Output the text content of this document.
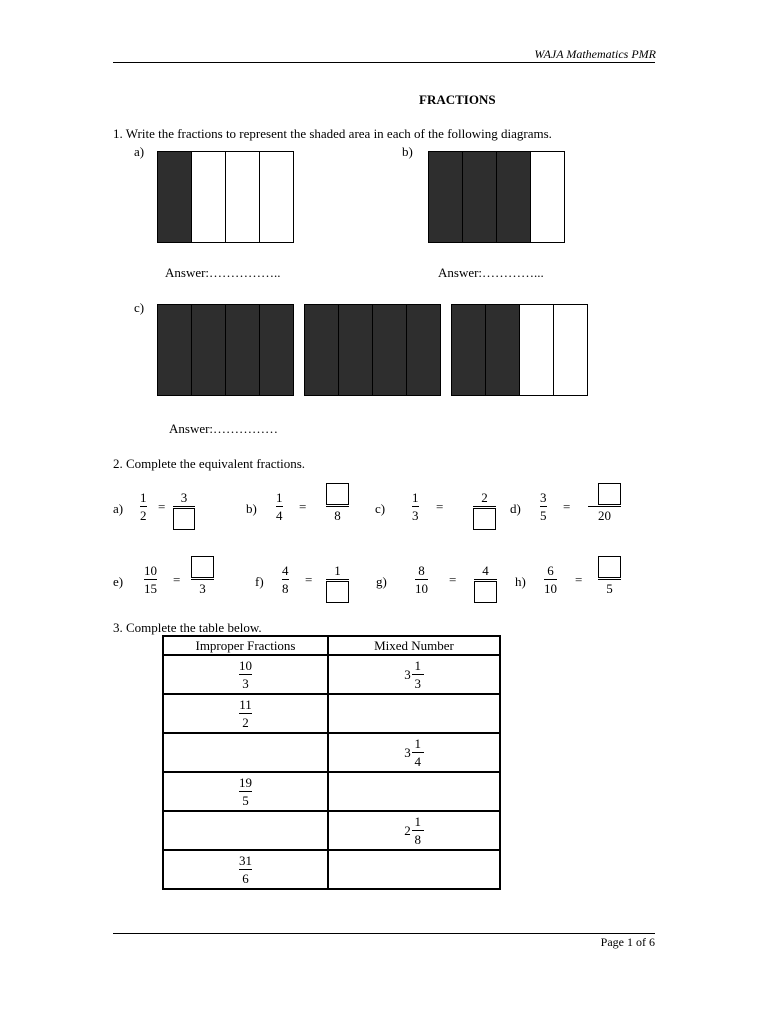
WAJA Mathematics PMR
FRACTIONS
1. Write the fractions to represent the shaded area in each of the following diagrams.
a)	b)
Answer:……………..	Answer:…………...
c)
Answer:……………
2. Complete the equivalent fractions.
a)
1
2
=
3
b)
1
4
=
8	c)
1
3
=
2
d)
3
5
=
20
e)
10
15
=
3	f)
4
8
=
1
g)
8
10
=
4
h)
6
10
=
5
3. Complete the table below.
Improper Fractions	Mixed Number

$\frac{10}{3}$	3
1
3

$\frac{11}{2}$

	3
1
4

$\frac{19}{5}$

	2
1
8

$\frac{31}{6}$

Page 1 of 6
